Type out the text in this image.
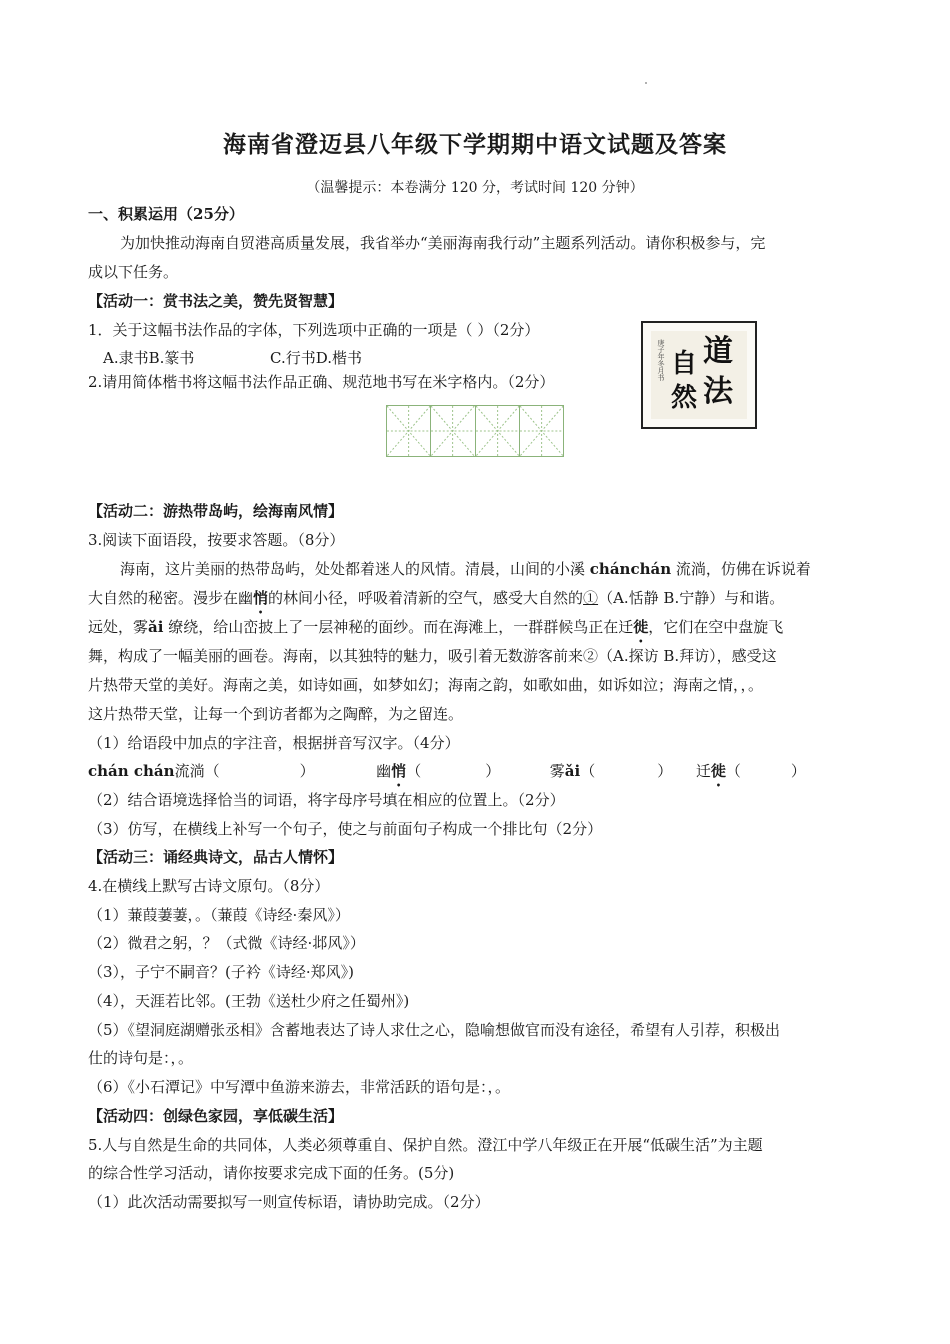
海南省澄迈县八年级下学期期中语文试题及答案
（温馨提示：本卷满分 120 分，考试时间 120 分钟）
一、积累运用（25分）
为加快推动海南自贸港高质量发展，我省举办“美丽海南我行动”主题系列活动。请你积极参与，完
成以下任务。
【活动一：赏书法之美，赞先贤智慧】
1．关于这幅书法作品的字体，下列选项中正确的一项是（ ）（2分）
A.隶书B.篆书	C.行书D.楷书
2.请用简体楷书将这幅书法作品正确、规范地书写在米字格内。（2分）
道
法
自
然
庚子年冬月书
【活动二：游热带岛屿，绘海南风情】
3.阅读下面语段，按要求答题。（8分）
海南，这片美丽的热带岛屿，处处都着迷人的风情。清晨，山间的小溪 chánchán 流淌，仿佛在诉说着
大自然的秘密。漫步在幽悄的林间小径，呼吸着清新的空气，感受大自然的①（A.恬静 B.宁静）与和谐。
远处，雾ǎi 缭绕，给山峦披上了一层神秘的面纱。而在海滩上，一群群候鸟正在迁徙，它们在空中盘旋飞
舞，构成了一幅美丽的画卷。海南，以其独特的魅力，吸引着无数游客前来②（A.探访 B.拜访），感受这
片热带天堂的美好。海南之美，如诗如画，如梦如幻；海南之韵，如歌如曲，如诉如泣；海南之情，，。
这片热带天堂，让每一个到访者都为之陶醉，为之留连。
（1）给语段中加点的字注音，根据拼音写汉字。（4分）
chán chán流淌（	）	幽悄（	）	雾ǎi（	） 迁徙（	）
（2）结合语境选择恰当的词语，将字母序号填在相应的位置上。（2分）
（3）仿写，在横线上补写一个句子，使之与前面句子构成一个排比句（2分）
【活动三：诵经典诗文，品古人情怀】
4.在横线上默写古诗文原句。（8分）
（1）蒹葭萋萋，。（蒹葭《诗经·秦风》）
（2）微君之躬，？（式微《诗经·邶风》）
（3），子宁不嗣音？(子衿《诗经·郑风》)
（4），天涯若比邻。(王勃《送杜少府之任蜀州》)
（5）《望洞庭湖赠张丞相》含蓄地表达了诗人求仕之心，隐喻想做官而没有途径，希望有人引荐，积极出
仕的诗句是：，。
（6）《小石潭记》中写潭中鱼游来游去，非常活跃的语句是：，。
【活动四：创绿色家园，享低碳生活】
5.人与自然是生命的共同体，人类必须尊重自、保护自然。澄江中学八年级正在开展“低碳生活”为主题
的综合性学习活动，请你按要求完成下面的任务。(5分)
（1）此次活动需要拟写一则宣传标语，请协助完成。（2分）
